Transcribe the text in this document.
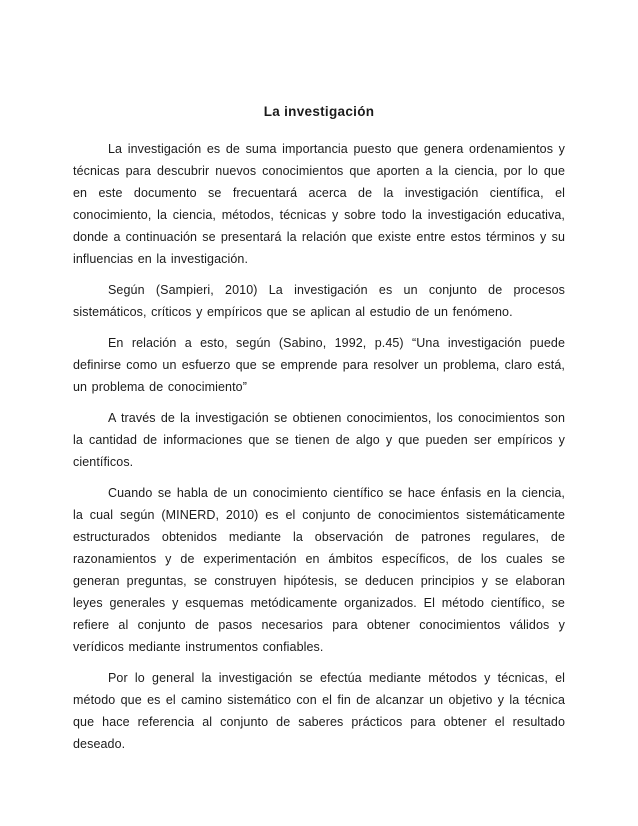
La investigación

La investigación es de suma importancia puesto que genera ordenamientos y técnicas para descubrir nuevos conocimientos que aporten a la ciencia, por lo que en este documento se frecuentará acerca de la investigación científica, el conocimiento, la ciencia, métodos, técnicas y sobre todo la investigación educativa, donde a continuación se presentará la relación que existe entre estos términos y su influencias en la investigación.

Según (Sampieri, 2010) La investigación es un conjunto de procesos sistemáticos, críticos y empíricos que se aplican al estudio de un fenómeno.

En relación a esto, según (Sabino, 1992, p.45) “Una investigación puede definirse como un esfuerzo que se emprende para resolver un problema, claro está, un problema de conocimiento”

A través de la investigación se obtienen conocimientos, los conocimientos son la cantidad de informaciones que se tienen de algo y que pueden ser empíricos y científicos.

Cuando se habla de un conocimiento científico se hace énfasis en la ciencia, la cual según (MINERD, 2010) es el conjunto de conocimientos sistemáticamente estructurados obtenidos mediante la observación de patrones regulares, de razonamientos y de experimentación en ámbitos específicos, de los cuales se generan preguntas, se construyen hipótesis, se deducen principios y se elaboran leyes generales y esquemas metódicamente organizados. El método científico, se refiere al conjunto de pasos necesarios para obtener conocimientos válidos y verídicos mediante instrumentos confiables.

Por lo general la investigación se efectúa mediante métodos y técnicas, el método que es el camino sistemático con el fin de alcanzar un objetivo y la técnica que hace referencia al conjunto de saberes prácticos para obtener el resultado deseado.
